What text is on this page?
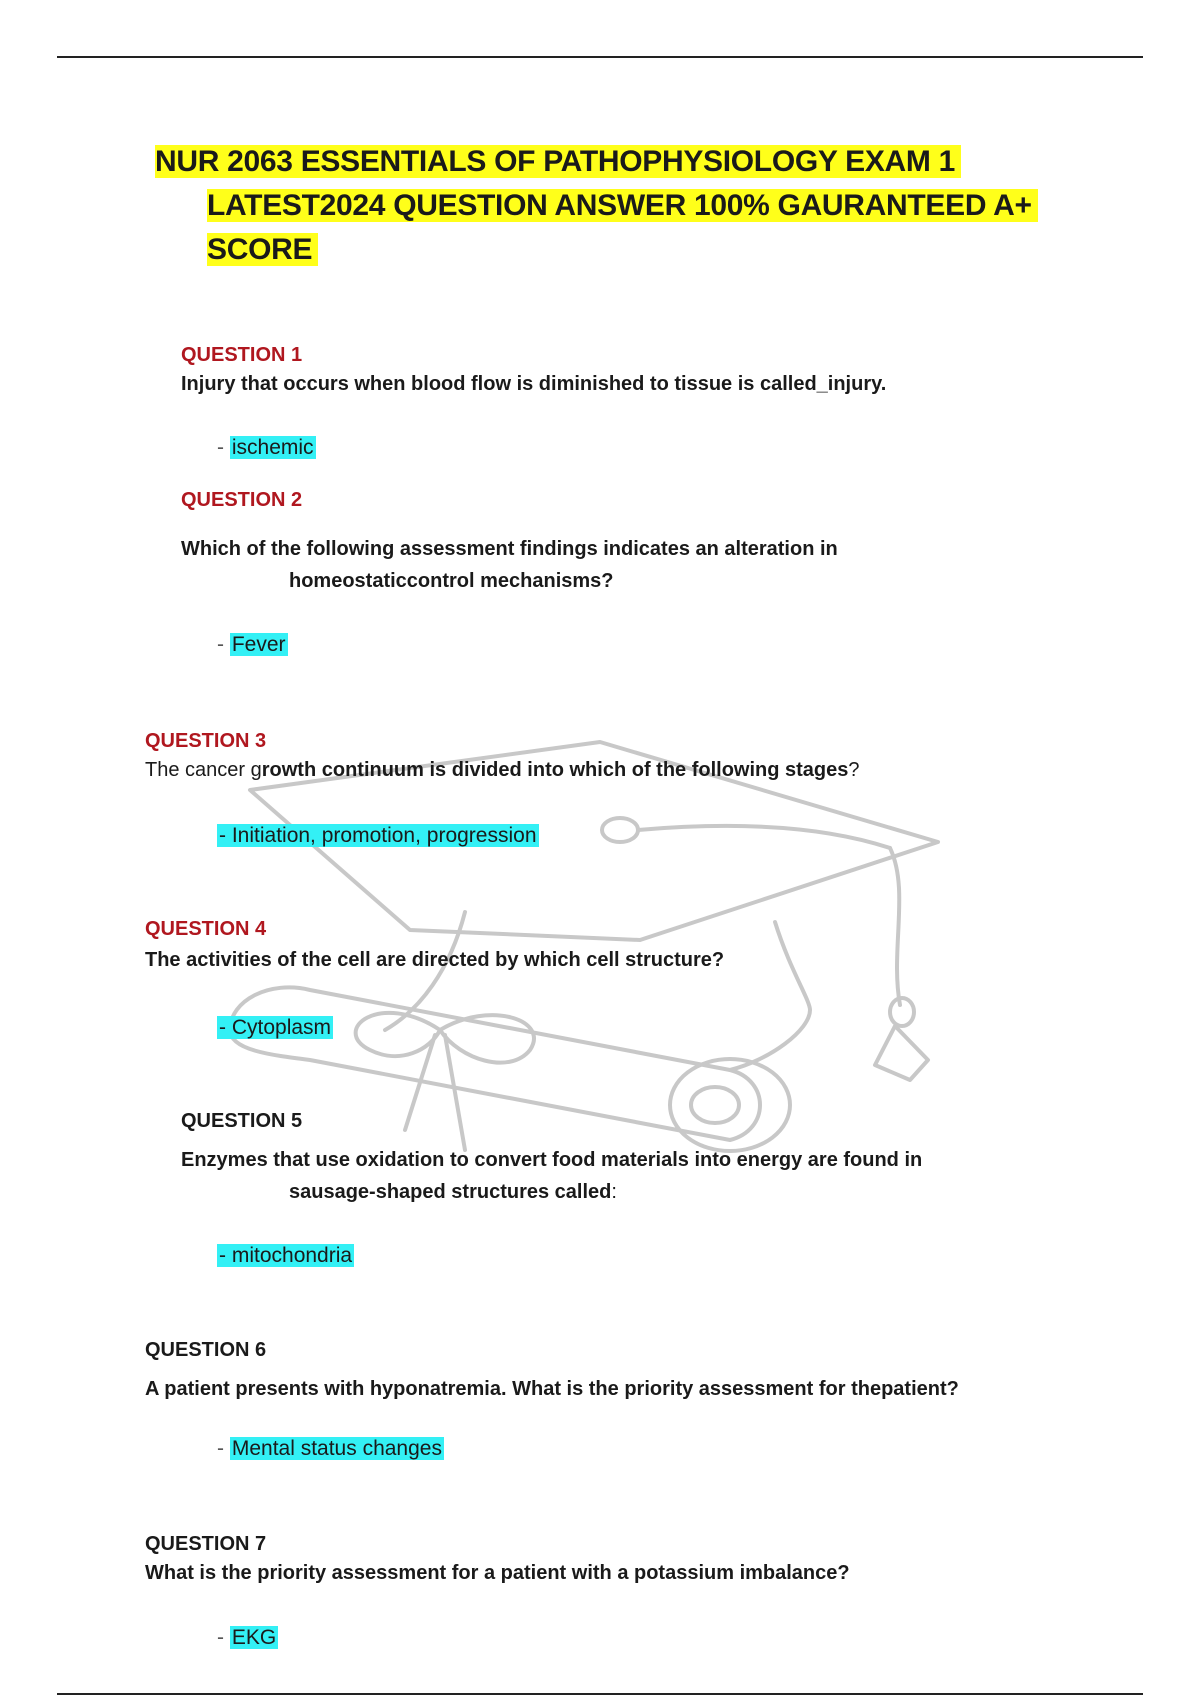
NUR 2063 ESSENTIALS OF PATHOPHYSIOLOGY EXAM 1
LATEST2024 QUESTION ANSWER 100% GAURANTEED A+
SCORE
QUESTION 1
Injury that occurs when blood flow is diminished to tissue is called_injury.
- ischemic
QUESTION 2
Which of the following assessment findings indicates an alteration in
homeostaticcontrol mechanisms?
- Fever
QUESTION 3
The cancer growth continuum is divided into which of the following stages?
- Initiation, promotion, progression
QUESTION 4
The activities of the cell are directed by which cell structure?
- Cytoplasm
QUESTION 5
Enzymes that use oxidation to convert food materials into energy are found in
sausage-shaped structures called:
- mitochondria
QUESTION 6
A patient presents with hyponatremia. What is the priority assessment for thepatient?
- Mental status changes
QUESTION 7
What is the priority assessment for a patient with a potassium imbalance?
- EKG
